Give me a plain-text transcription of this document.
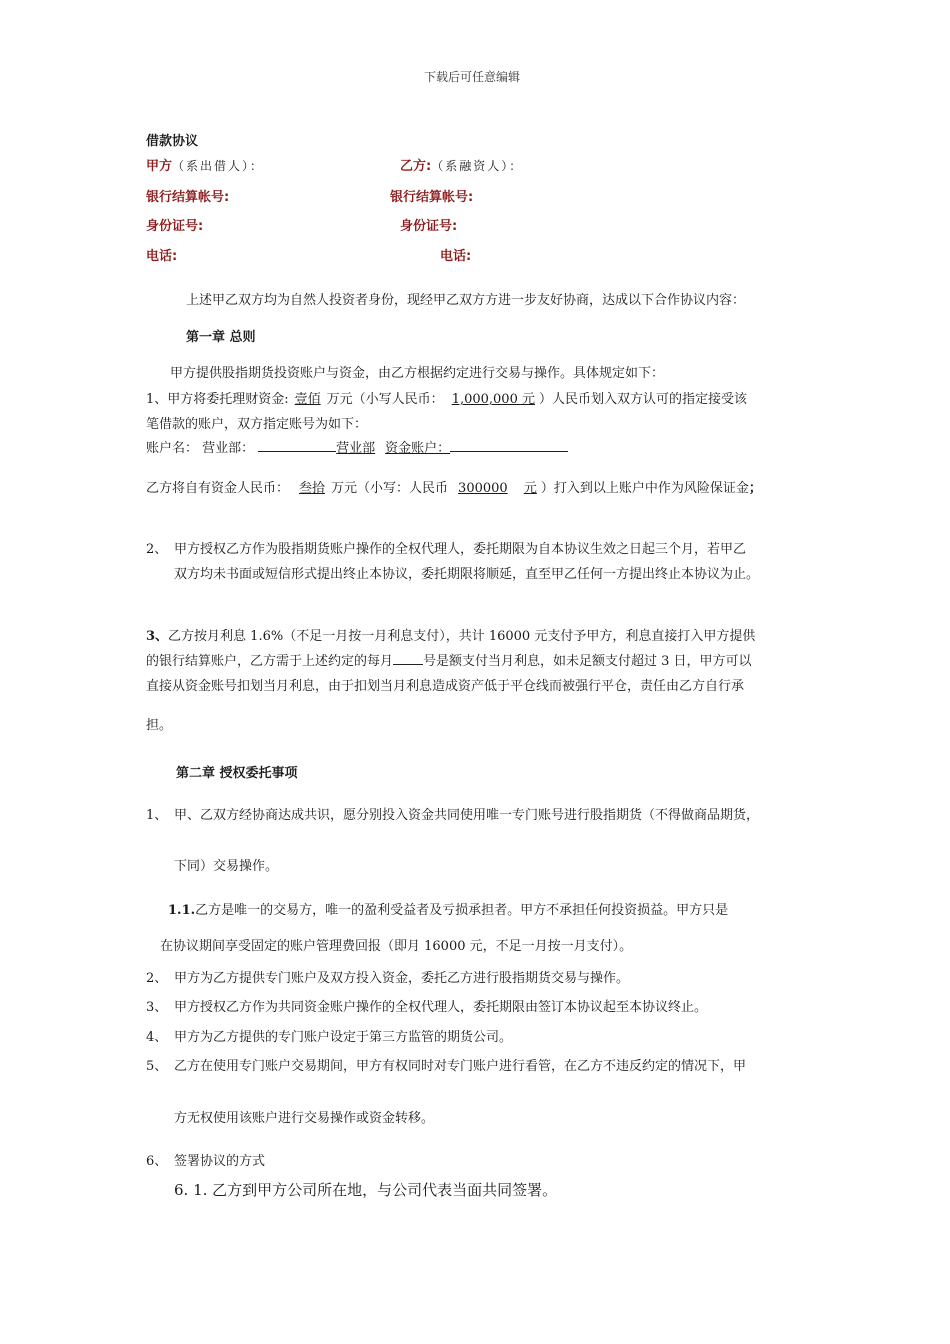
下载后可任意编辑
借款协议
甲方（系出借人）：	乙方:（系融资人）：
银行结算帐号:	银行结算帐号:
身份证号:	身份证号:
电话:	电话:
上述甲乙双方均为自然人投资者身份，现经甲乙双方方进一步友好协商，达成以下合作协议内容：
第一章 总则
甲方提供股指期货投资账户与资金，由乙方根据约定进行交易与操作。具体规定如下：
1、甲方将委托理财资金: 壹佰 万元（小写人民币： 1,000,000 元 ）人民币划入双方认可的指定接受该
笔借款的账户，双方指定账号为如下：
账户名： 营业部：	营业部 资金账户：
乙方将自有资金人民币： 叁拾 万元（小写：人民币 300000 元 ）打入到以上账户中作为风险保证金；
2、 甲方授权乙方作为股指期货账户操作的全权代理人，委托期限为自本协议生效之日起三个月，若甲乙
双方均未书面或短信形式提出终止本协议，委托期限将顺延，直至甲乙任何一方提出终止本协议为止。
3、乙方按月利息 1.6%（不足一月按一月利息支付），共计 16000 元支付予甲方，利息直接打入甲方提供
的银行结算账户，乙方需于上述约定的每月 号是额支付当月利息，如未足额支付超过 3 日，甲方可以
直接从资金账号扣划当月利息，由于扣划当月利息造成资产低于平仓线而被强行平仓，责任由乙方自行承
担。
第二章 授权委托事项
1、 甲、乙双方经协商达成共识，愿分别投入资金共同使用唯一专门账号进行股指期货（不得做商品期货，
下同）交易操作。
1.1.乙方是唯一的交易方，唯一的盈利受益者及亏损承担者。甲方不承担任何投资损益。甲方只是
在协议期间享受固定的账户管理费回报（即月 16000 元，不足一月按一月支付）。
2、 甲方为乙方提供专门账户及双方投入资金，委托乙方进行股指期货交易与操作。
3、 甲方授权乙方作为共同资金账户操作的全权代理人，委托期限由签订本协议起至本协议终止。
4、 甲方为乙方提供的专门账户设定于第三方监管的期货公司。
5、 乙方在使用专门账户交易期间，甲方有权同时对专门账户进行看管，在乙方不违反约定的情况下，甲
方无权使用该账户进行交易操作或资金转移。
6、 签署协议的方式
6. 1. 乙方到甲方公司所在地，与公司代表当面共同签署。
